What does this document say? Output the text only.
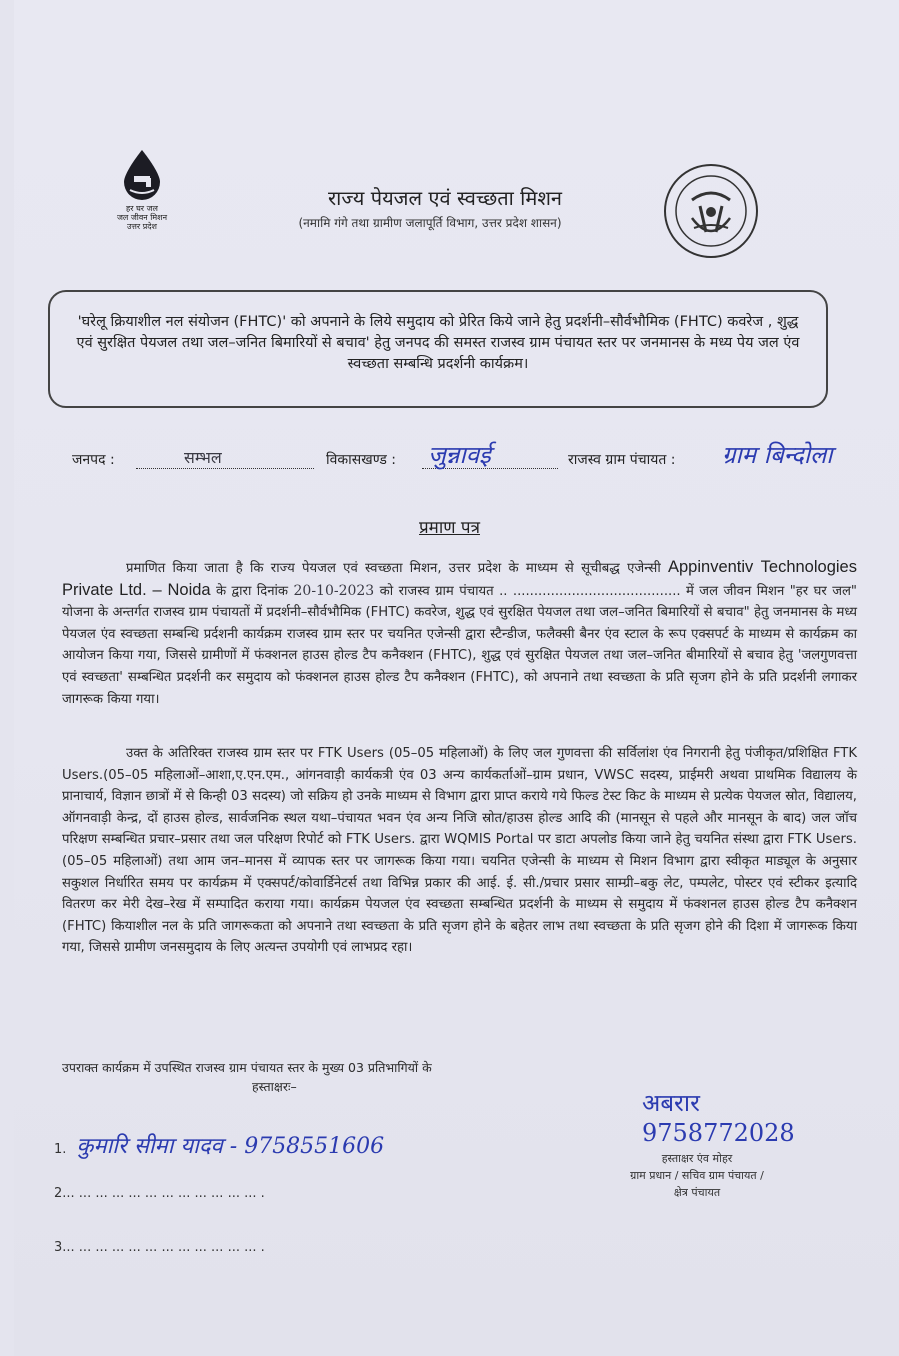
हर घर जल
जल जीवन मिशन
उत्तर प्रदेश
राज्य पेयजल एवं स्वच्छता मिशन
(नमामि गंगे तथा ग्रामीण जलापूर्ति विभाग, उत्तर प्रदेश शासन)
'घरेलू क्रियाशील नल संयोजन (FHTC)' को अपनाने के लिये समुदाय को प्रेरित किये जाने हेतु प्रदर्शनी–सौर्वभौमिक (FHTC) कवरेज , शुद्ध एवं सुरक्षित पेयजल तथा जल–जनित बिमारियों से बचाव' हेतु जनपद की समस्त राजस्व ग्राम पंचायत स्तर पर जनमानस के मध्य पेय जल एंव स्वच्छता सम्बन्धि प्रदर्शनी कार्यक्रम।
जनपद :	सम्भल	विकासखण्ड : जुन्नावई	राजस्व ग्राम पंचायत : ग्राम बिन्दोला
प्रमाण पत्र

प्रमाणित किया जाता है कि राज्य पेयजल एवं स्वच्छता मिशन, उत्तर प्रदेश के माध्यम से सूचीबद्ध एजेन्सी Appinventiv Technologies Private Ltd. – Noida के द्वारा दिनांक 20-10-2023 को राजस्व ग्राम पंचायत .. ........................................ में जल जीवन मिशन "हर घर जल" योजना के अन्तर्गत राजस्व ग्राम पंचायतों में प्रदर्शनी–सौर्वभौमिक (FHTC) कवरेज, शुद्ध एवं सुरक्षित पेयजल तथा जल–जनित बिमारियों से बचाव" हेतु जनमानस के मध्य पेयजल एंव स्वच्छता सम्बन्धि प्रर्दशनी कार्यक्रम राजस्व ग्राम स्तर पर चयनित एजेन्सी द्वारा स्टैन्डीज, फलैक्सी बैनर एंव स्टाल के रूप एक्सपर्ट के माध्यम से कार्यक्रम का आयोजन किया गया, जिससे ग्रामीणों में फंक्शनल हाउस होल्ड टैप कनैक्शन (FHTC), शुद्ध एवं सुरक्षित पेयजल तथा जल–जनित बीमारियों से बचाव हेतु 'जलगुणवत्ता एवं स्वच्छता' सम्बन्धित प्रदर्शनी कर समुदाय को फंक्शनल हाउस होल्ड टैप कनैक्शन (FHTC), को अपनाने तथा स्वच्छता के प्रति सृजग होने के प्रति प्रदर्शनी लगाकर जागरूक किया गया।

उक्त के अतिरिक्त राजस्व ग्राम स्तर पर FTK Users (05–05 महिलाओं) के लिए जल गुणवत्ता की सर्विलांश एंव निगरानी हेतु पंजीकृत/प्रशिक्षित FTK Users.(05–05 महिलाओं–आशा,ए.एन.एम., आंगनवाड़ी कार्यकत्री एंव 03 अन्य कार्यकर्ताओं–ग्राम प्रधान, VWSC सदस्य, प्राईमरी अथवा प्राथमिक विद्यालय के प्रानाचार्य, विज्ञान छात्रों में से किन्ही 03 सदस्य) जो सक्रिय हो उनके माध्यम से विभाग द्वारा प्राप्त कराये गये फिल्ड टेस्ट किट के माध्यम से प्रत्येक पेयजल स्रोत, विद्यालय, ऑगनवाड़ी केन्द्र, दों हाउस होल्ड, सार्वजनिक स्थल यथा–पंचायत भवन एंव अन्य निजि स्रोत/हाउस होल्ड आदि की (मानसून से पहले और मानसून के बाद) जल जॉच परिक्षण सम्बन्धित प्रचार–प्रसार तथा जल परिक्षण रिपोर्ट को FTK Users. द्वारा WQMIS Portal पर डाटा अपलोड किया जाने हेतु चयनित संस्था द्वारा FTK Users.(05–05 महिलाओं) तथा आम जन–मानस में व्यापक स्तर पर जागरूक किया गया। चयनित एजेन्सी के माध्यम से मिशन विभाग द्वारा स्वीकृत माड्यूल के अनुसार सकुशल निर्धारित समय पर कार्यक्रम में एक्सपर्ट/कोवार्डिनेटर्स तथा विभिन्न प्रकार की आई. ई. सी./प्रचार प्रसार साम्ग्री–बकु लेट, पम्पलेट, पोस्टर एवं स्टीकर इत्यादि वितरण कर मेरी देख–रेख में सम्पादित कराया गया। कार्यक्रम पेयजल एंव स्वच्छता सम्बन्धित प्रदर्शनी के माध्यम से समुदाय में फंक्शनल हाउस होल्ड टैप कनैक्शन (FHTC) कियाशील नल के प्रति जागरूकता को अपनाने तथा स्वच्छता के प्रति सृजग होने के बहेतर लाभ तथा स्वच्छता के प्रति सृजग होने की दिशा में जागरूक किया गया, जिससे ग्रामीण जनसमुदाय के लिए अत्यन्त उपयोगी एवं लाभप्रद रहा।

उपराक्त कार्यक्रम में उपस्थित राजस्व ग्राम पंचायत स्तर के मुख्य 03 प्रतिभागियों के
हस्ताक्षरः–
1. कुमारि सीमा यादव - 9758551606
2... ... ... ... ... ... ... ... ... ... ... ... .
3... ... ... ... ... ... ... ... ... ... ... ... .
अबरार
9758772028
हस्ताक्षर एंव मोहर
ग्राम प्रधान / सचिव ग्राम पंचायत /
क्षेत्र पंचायत
